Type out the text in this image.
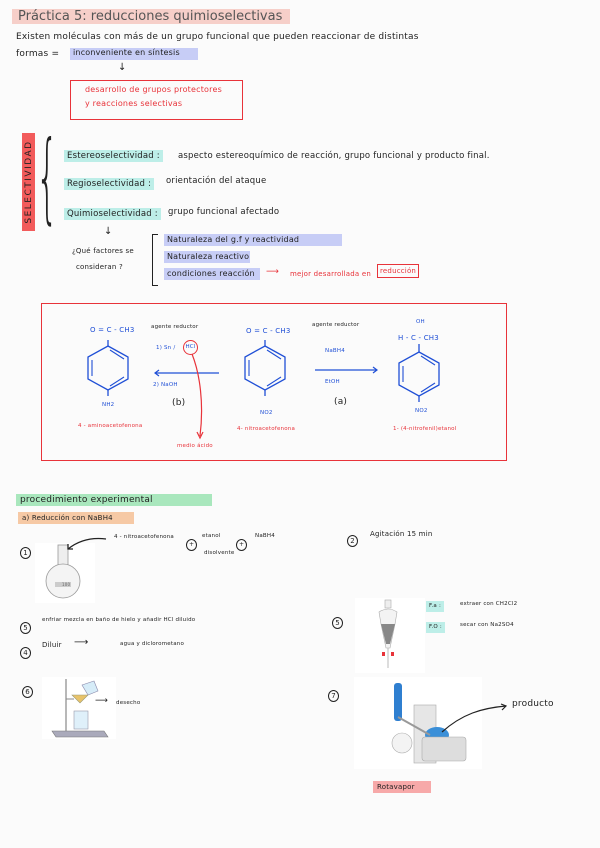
Práctica 5: reducciones quimioselectivas
Existen moléculas con más de un grupo funcional que pueden reaccionar de distintas
formas =	inconveniente en síntesis
↓
desarrollo de grupos protectores
y reacciones selectivas
SELECTIVIDAD {	Estereoselectividad :	aspecto estereoquímico de reacción, grupo funcional y producto final.
Regioselectividad :	orientación del ataque
Quimioselectividad :	grupo funcional afectado
↓
¿Qué factores se
consideran ?
Naturaleza del g.f y reactividad
Naturaleza reactivo
condiciones reacción	⟶ mejor desarrollada en	reducción
O = C - CH3
NH2
4 - aminoacetofenona
agente reductor
1) Sn /	HCl
2) NaOH
(b)
medio ácido
O = C - CH3
NO2
4- nitroacetofenona
agente reductor
NaBH4
EtOH
(a)
OH
H - C - CH3
NO2
1- (4-nitrofenil)etanol
procedimiento experimental
a) Reducción con NaBH4
1
100
4 - nitroacetofenona
+
etanol
disolvente
+
NaBH4
2
Agitación 15 min
5
enfriar mezcla en baño de hielo y añadir HCl diluido
4
Diluir ⟶	agua y diclorometano
5
F.a :	extraer con CH2Cl2
F.O :	secar con Na2SO4
6
⟶ desecho
7
producto
Rotavapor
